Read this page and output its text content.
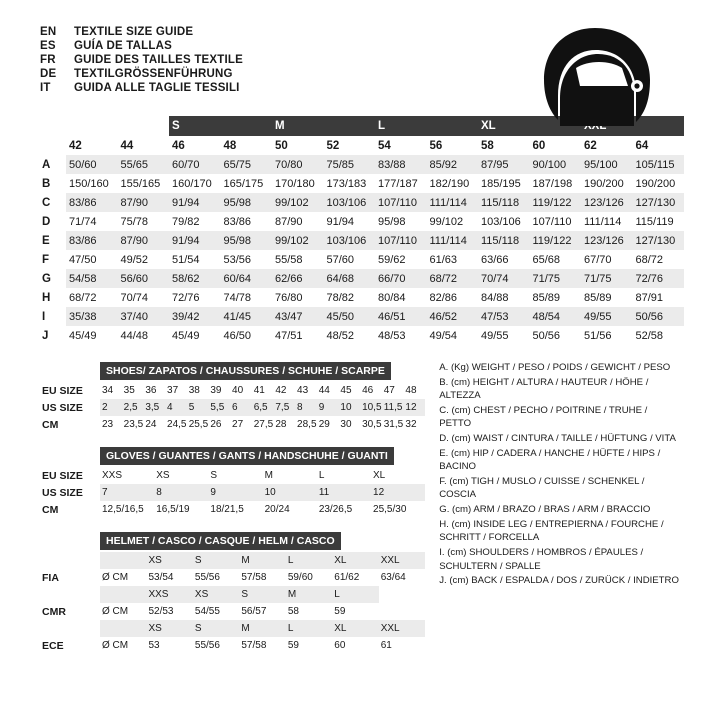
EN	TEXTILE SIZE GUIDE
ES	GUÍA DE TALLAS
FR	GUIDE DES TAILLES TEXTILE
DE	TEXTILGRÖSSENFÜHRUNG
IT	GUIDA ALLE TAGLIE TESSILI
			S		M		L		XL	
	42	44	46	48	50	52	54	56	58	60	62	64
A	50/60	55/65	60/70	65/75	70/80	75/85	83/88	85/92	87/95	90/100	95/100	105/115
B	150/160	155/165	160/170	165/175	170/180	173/183	177/187	182/190	185/195	187/198	190/200	190/200
C	83/86	87/90	91/94	95/98	99/102	103/106	107/110	111/114	115/118	119/122	123/126	127/130
D	71/74	75/78	79/82	83/86	87/90	91/94	95/98	99/102	103/106	107/110	111/114	115/119
E	83/86	87/90	91/94	95/98	99/102	103/106	107/110	111/114	115/118	119/122	123/126	127/130
F	47/50	49/52	51/54	53/56	55/58	57/60	59/62	61/63	63/66	65/68	67/70	68/72
G	54/58	56/60	58/62	60/64	62/66	64/68	66/70	68/72	70/74	71/75	71/75	72/76
H	68/72	70/74	72/76	74/78	76/80	78/82	80/84	82/86	84/88	85/89	85/89	87/91
I	35/38	37/40	39/42	41/45	43/47	45/50	46/51	46/52	47/53	48/54	49/55	50/56
J	45/49	44/48	45/49	46/50	47/51	48/52	48/53	49/54	49/55	50/56	51/56	52/58
SHOES/ ZAPATOS / CHAUSSURES / SCHUHE / SCARPE
EU SIZE	34	35	36	37	38	39	40	41	42	43	44	45	46	47	48
US SIZE	2	2,5	3,5	4	5	5,5	6	6,5	7,5	8	9	10	10,5	11,5	12
CM	23	23,5	24	24,5	25,5	26	27	27,5	28	28,5	29	30	30,5	31,5	32
GLOVES / GUANTES / GANTS / HANDSCHUHE / GUANTI
EU SIZE	XXS	XS	S	M	L	XL
US SIZE	7	8	9	10	11	12
CM	12,5/16,5	16,5/19	18/21,5	20/24	23/26,5	25,5/30
HELMET / CASCO / CASQUE / HELM / CASCO
		XS	S	M	L	XL	XXL
FIA	Ø CM	53/54	55/56	57/58	59/60	61/62	63/64
		XXS	XS	S	M	L	
CMR	Ø CM	52/53	54/55	56/57	58	59	
		XS	S	M	L	XL	XXL
ECE	Ø CM	53	55/56	57/58	59	60	61
A. (Kg) WEIGHT / PESO / POIDS / GEWICHT / PESO
B. (cm) HEIGHT / ALTURA / HAUTEUR / HÖHE / ALTEZZA
C. (cm) CHEST / PECHO / POITRINE / TRUHE / PETTO
D. (cm) WAIST / CINTURA / TAILLE / HÜFTUNG / VITA
E. (cm) HIP / CADERA / HANCHE / HÜFTE / HIPS / BACINO
F. (cm) TIGH / MUSLO / CUISSE / SCHENKEL / COSCIA
G. (cm) ARM / BRAZO / BRAS / ARM / BRACCIO
H. (cm) INSIDE LEG / ENTREPIERNA / FOURCHE / SCHRITT / FORCELLA
I. (cm) SHOULDERS / HOMBROS / ÉPAULES / SCHULTERN / SPALLE
J. (cm) BACK / ESPALDA / DOS / ZURÜCK / INDIETRO
